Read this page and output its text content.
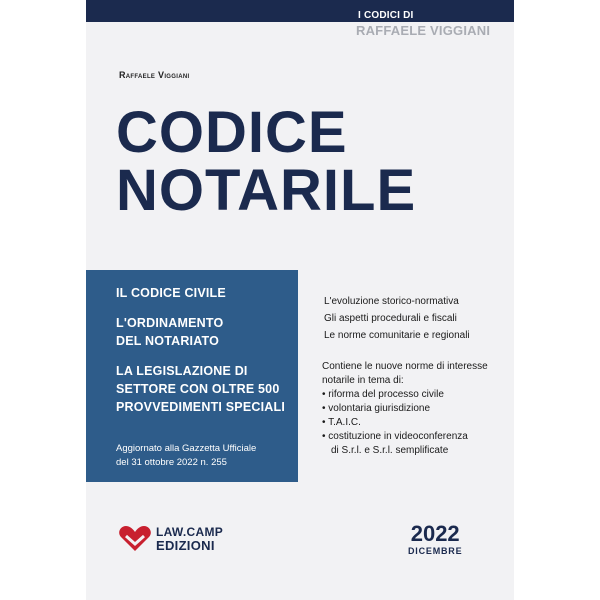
I CODICI DI
RAFFAELE VIGGIANI
Raffaele Viggiani
CODICE
NOTARILE
IL CODICE CIVILE
L'ORDINAMENTO
DEL NOTARIATO
LA LEGISLAZIONE DI
SETTORE CON OLTRE 500
PROVVEDIMENTI SPECIALI
Aggiornato alla Gazzetta Ufficiale
del 31 ottobre 2022 n. 255
L'evoluzione storico-normativa
Gli aspetti procedurali e fiscali
Le norme comunitarie e regionali
Contiene le nuove norme di interesse
notarile in tema di:
• riforma del processo civile
• volontaria giurisdizione
• T.A.I.C.
• costituzione in videoconferenza
di S.r.l. e S.r.l. semplificate
LAW.CAMP
EDIZIONI	2022
DICEMBRE
